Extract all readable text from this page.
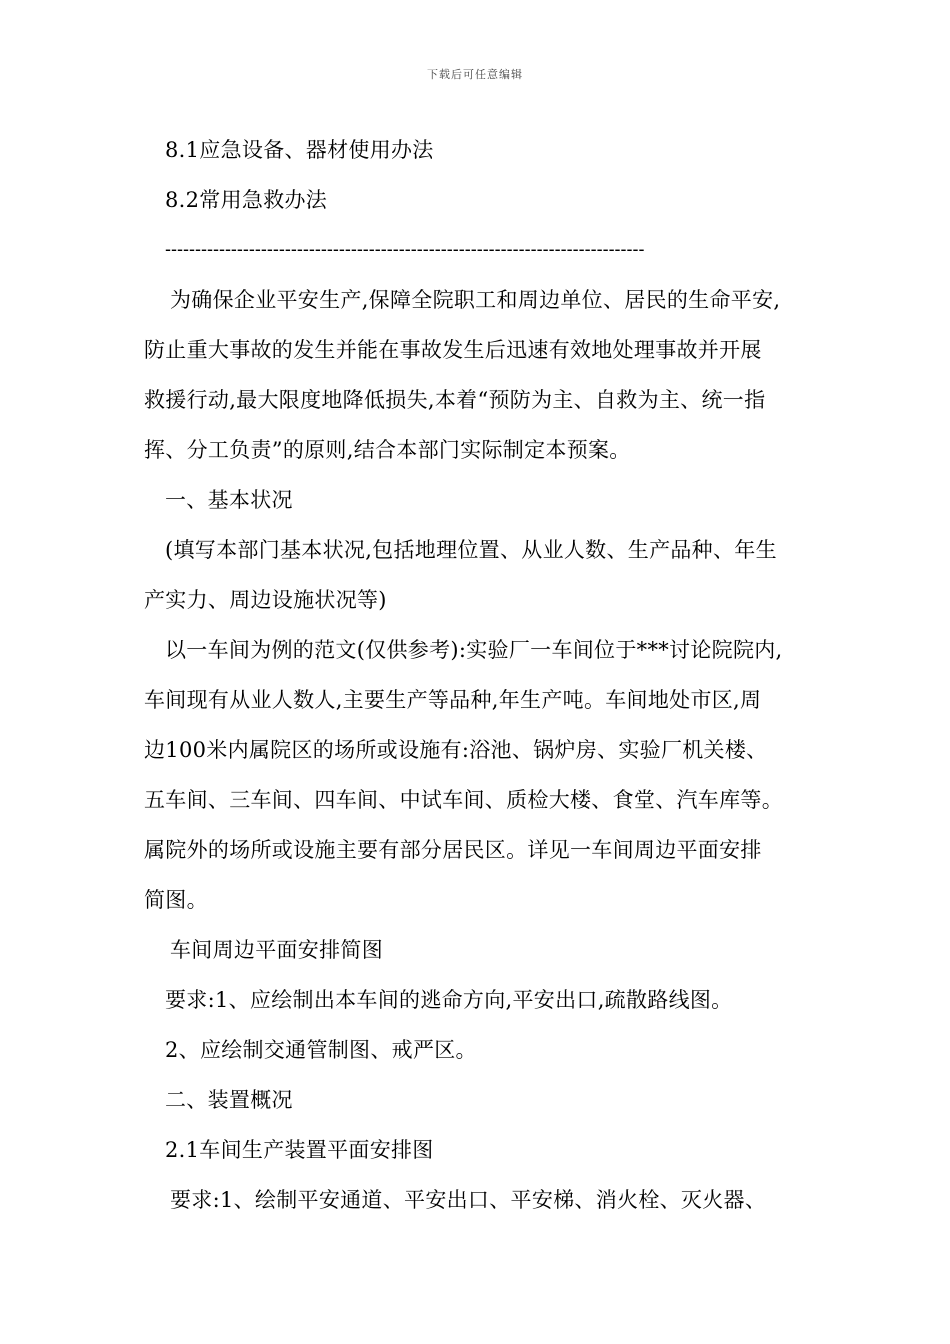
下载后可任意编辑
8.1应急设备、器材使用办法
8.2常用急救办法
--------------------------------------------------------------------------------
为确保企业平安生产,保障全院职工和周边单位、居民的生命平安,
防止重大事故的发生并能在事故发生后迅速有效地处理事故并开展
救援行动,最大限度地降低损失,本着“预防为主、自救为主、统一指
挥、分工负责”的原则,结合本部门实际制定本预案。
一、基本状况
(填写本部门基本状况,包括地理位置、从业人数、生产品种、年生
产实力、周边设施状况等)
以一车间为例的范文(仅供参考):实验厂一车间位于***讨论院院内,
车间现有从业人数人,主要生产等品种,年生产吨。车间地处市区,周
边100米内属院区的场所或设施有:浴池、锅炉房、实验厂机关楼、
五车间、三车间、四车间、中试车间、质检大楼、食堂、汽车库等。
属院外的场所或设施主要有部分居民区。详见一车间周边平面安排
简图。
车间周边平面安排简图
要求:1、应绘制出本车间的逃命方向,平安出口,疏散路线图。
2、应绘制交通管制图、戒严区。
二、装置概况
2.1车间生产装置平面安排图
要求:1、绘制平安通道、平安出口、平安梯、消火栓、灭火器、
